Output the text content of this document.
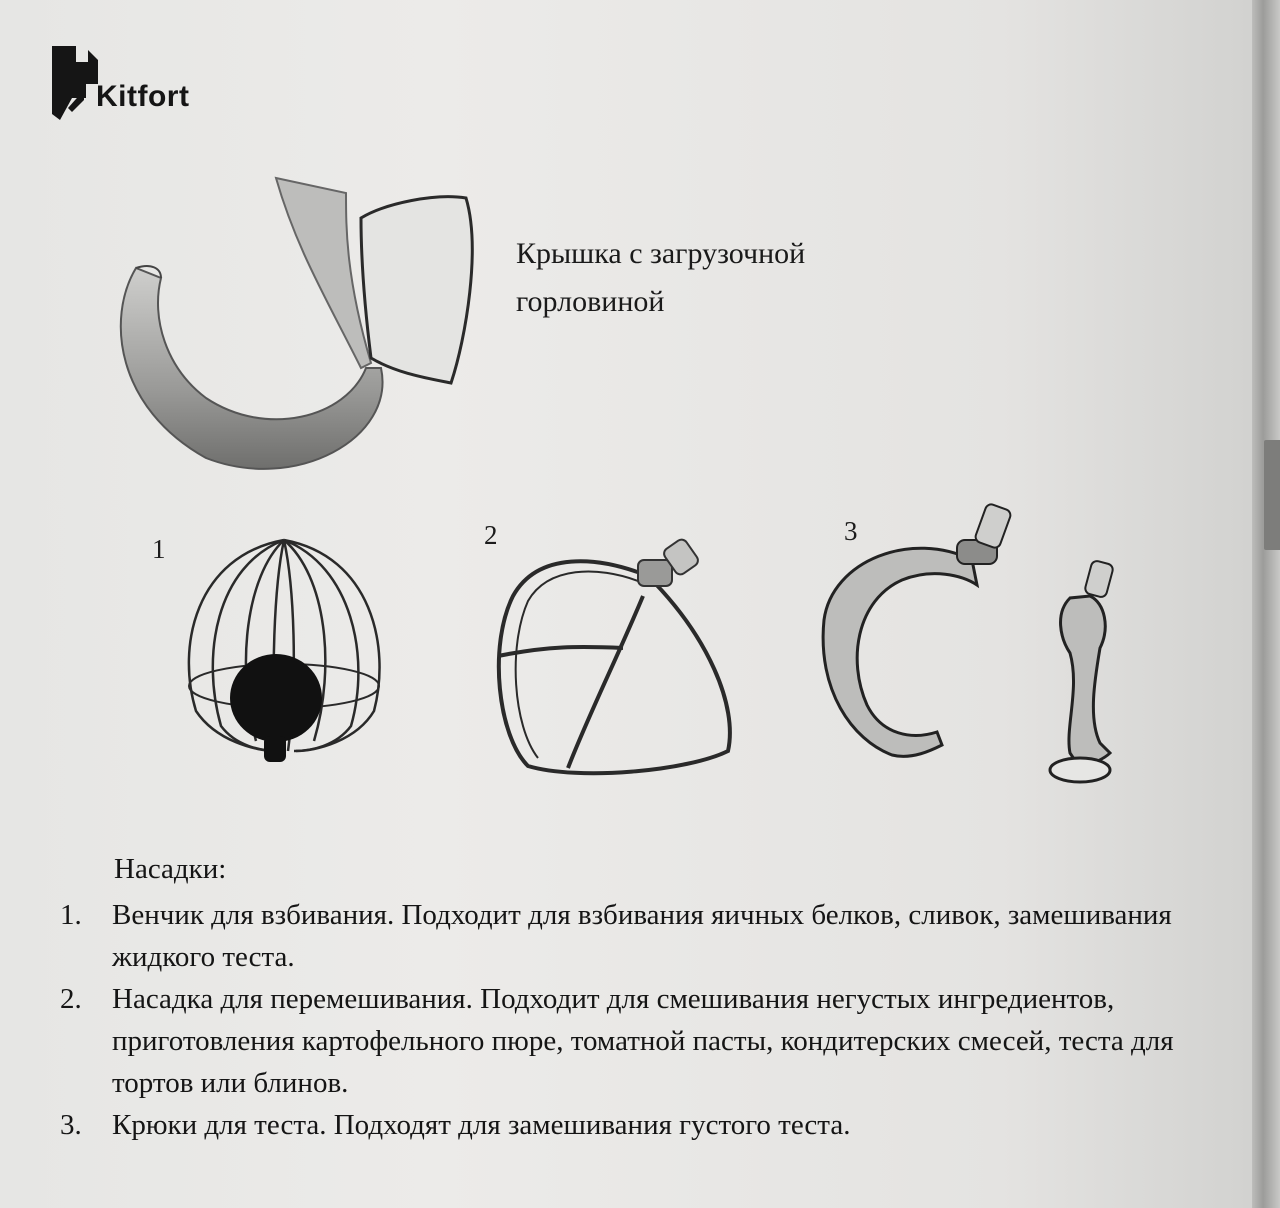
Kitfort
Крышка с загрузочной
горловиной
1	2	3
Насадки:
1.	Венчик для взбивания. Подходит для взбивания яичных белков, сливок, замешивания жидкого теста.
2.	Насадка для перемешивания. Подходит для смешивания негустых ингредиентов, приготовления картофельного пюре, томатной пасты, кондитерских смесей, теста для тортов или блинов.
3.	Крюки для теста. Подходят для замешивания густого теста.
